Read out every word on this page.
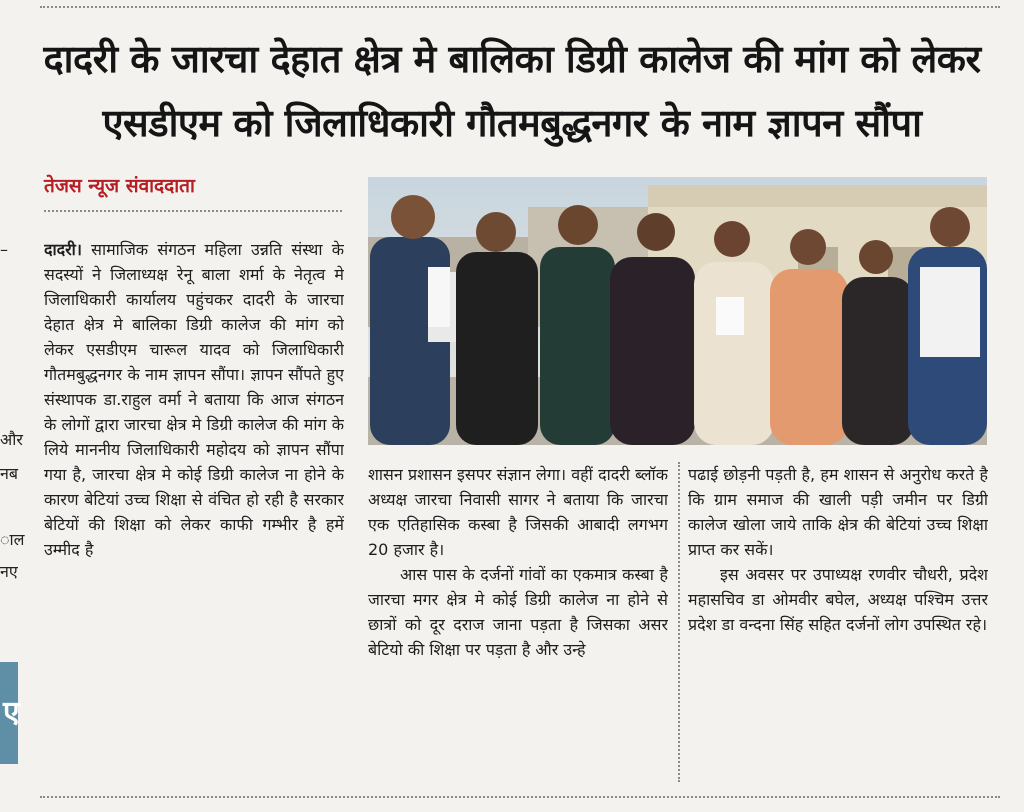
दादरी के जारचा देहात क्षेत्र मे बालिका डिग्री कालेज की मांग को लेकर
एसडीएम को जिलाधिकारी गौतमबुद्धनगर के नाम ज्ञापन सौंपा
तेजस न्यूज संवाददाता
और
नब
ाल
नए
–
ए

दादरी। सामाजिक संगठन महिला उन्नति संस्था के सदस्यों ने जिलाध्यक्ष रेनू बाला शर्मा के नेतृत्व मे जिलाधिकारी कार्यालय पहुंचकर दादरी के जारचा देहात क्षेत्र मे बालिका डिग्री कालेज की मांग को लेकर एसडीएम चारूल यादव को जिलाधिकारी गौतमबुद्धनगर के नाम ज्ञापन सौंपा। ज्ञापन सौंपते हुए संस्थापक डा.राहुल वर्मा ने बताया कि आज संगठन के लोगों द्वारा जारचा क्षेत्र मे डिग्री कालेज की मांग के लिये माननीय जिलाधिकारी महोदय को ज्ञापन सौंपा गया है, जारचा क्षेत्र मे कोई डिग्री कालेज ना होने के कारण बेटियां उच्च शिक्षा से वंचित हो रही है सरकार बेटियों की शिक्षा को लेकर काफी गम्भीर है हमें उम्मीद है

शासन प्रशासन इसपर संज्ञान लेगा। वहीं दादरी ब्लॉक अध्यक्ष जारचा निवासी सागर ने बताया कि जारचा एक एतिहासिक कस्बा है जिसकी आबादी लगभग 20 हजार है।

आस पास के दर्जनों गांवों का एकमात्र कस्बा है जारचा मगर क्षेत्र मे कोई डिग्री कालेज ना होने से छात्रों को दूर दराज जाना पड़ता है जिसका असर बेटियो की शिक्षा पर पड़ता है और उन्हे

पढाई छोड़नी पड़ती है, हम शासन से अनुरोध करते है कि ग्राम समाज की खाली पड़ी जमीन पर डिग्री कालेज खोला जाये ताकि क्षेत्र की बेटियां उच्च शिक्षा प्राप्त कर सकें।

इस अवसर पर उपाध्यक्ष रणवीर चौधरी, प्रदेश महासचिव डा ओमवीर बघेल, अध्यक्ष पश्चिम उत्तर प्रदेश डा वन्दना सिंह सहित दर्जनों लोग उपस्थित रहे।
